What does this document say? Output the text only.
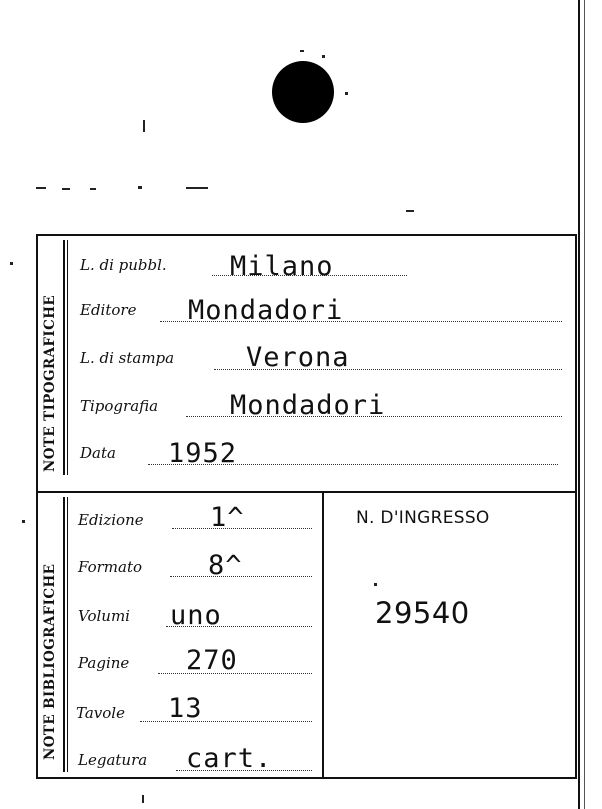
NOTE TIPOGRAFICHE
NOTE BIBLIOGRAFICHE
L. di pubbl. Milano
Editore Mondadori
L. di stampa	Verona
Tipografia	Mondadori
Data 1952
Edizione 1^
Formato 8^
Volumi uno
Pagine 270
Tavole 13
Legatura cart.
N. D'INGRESSO
29540
